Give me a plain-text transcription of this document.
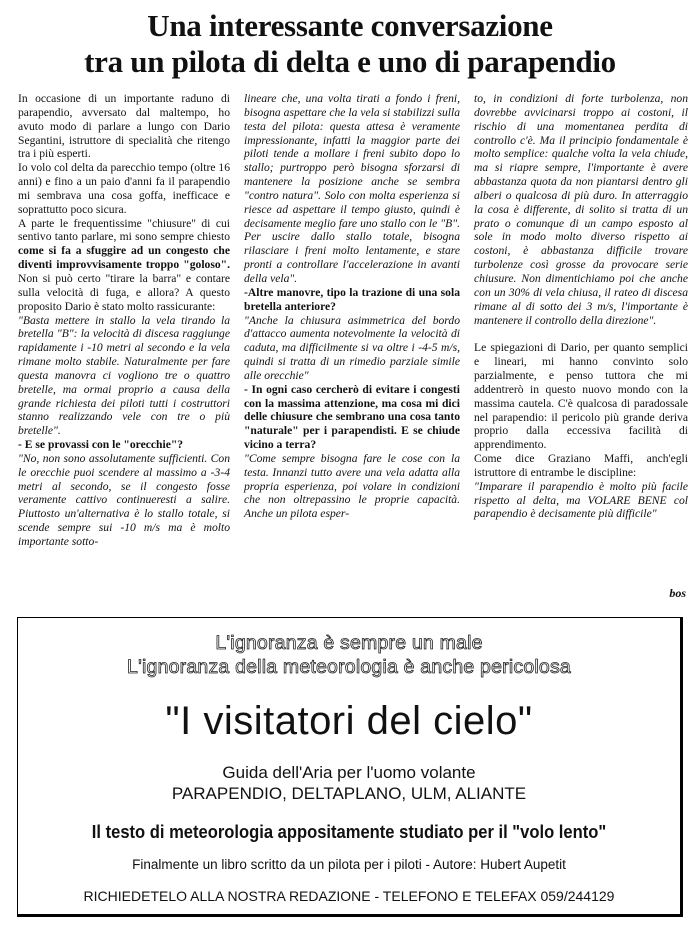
Una interessante conversazione
tra un pilota di delta e uno di parapendio

In occasione di un importante raduno di parapendio, avversato dal maltempo, ho avuto modo di parlare a lungo con Dario Segantini, istruttore di specialità che ritengo tra i più esperti.

Io volo col delta da parecchio tempo (oltre 16 anni) e fino a un paio d'anni fa il parapendio mi sembrava una cosa goffa, inefficace e soprattutto poco sicura.

A parte le frequentissime "chiusure" di cui sentivo tanto parlare, mi sono sempre chiesto come si fa a sfuggire ad un congesto che diventi improvvisamente troppo "goloso". Non si può certo "tirare la barra" e contare sulla velocità di fuga, e allora? A questo proposito Dario è stato molto rassicurante:

"Basta mettere in stallo la vela tirando la bretella "B": la velocità di discesa raggiunge rapidamente i -10 metri al secondo e la vela rimane molto stabile. Naturalmente per fare questa manovra ci vogliono tre o quattro bretelle, ma ormai proprio a causa della grande richiesta dei piloti tutti i costruttori stanno realizzando vele con tre o più bretelle".

- E se provassi con le "orecchie"?

"No, non sono assolutamente sufficienti. Con le orecchie puoi scendere al massimo a -3-4 metri al secondo, se il congesto fosse veramente cattivo continueresti a salire. Piuttosto un'alternativa è lo stallo totale, si scende sempre sui -10 m/s ma è molto importante sotto-

lineare che, una volta tirati a fondo i freni, bisogna aspettare che la vela si stabilizzi sulla testa del pilota: questa attesa è veramente impressionante, infatti la maggior parte dei piloti tende a mollare i freni subito dopo lo stallo; purtroppo però bisogna sforzarsi di mantenere la posizione anche se sembra "contro natura". Solo con molta esperienza si riesce ad aspettare il tempo giusto, quindi è decisamente meglio fare uno stallo con le "B". Per uscire dallo stallo totale, bisogna rilasciare i freni molto lentamente, e stare pronti a controllare l'accelerazione in avanti della vela".

-Altre manovre, tipo la trazione di una sola bretella anteriore?

"Anche la chiusura asimmetrica del bordo d'attacco aumenta notevolmente la velocità di caduta, ma difficilmente si va oltre i -4-5 m/s, quindi si tratta di un rimedio parziale simile alle orecchie"

- In ogni caso cercherò di evitare i congesti con la massima attenzione, ma cosa mi dici delle chiusure che sembrano una cosa tanto "naturale" per i parapendisti. E se chiude vicino a terra?

"Come sempre bisogna fare le cose con la testa. Innanzi tutto avere una vela adatta alla propria esperienza, poi volare in condizioni che non oltrepassino le proprie capacità. Anche un pilota esper-

to, in condizioni di forte turbolenza, non dovrebbe avvicinarsi troppo ai costoni, il rischio di una momentanea perdita di controllo c'è. Ma il principio fondamentale è molto semplice: qualche volta la vela chiude, ma si riapre sempre, l'importante è avere abbastanza quota da non piantarsi dentro gli alberi o qualcosa di più duro. In atterraggio la cosa è differente, di solito si tratta di un prato o comunque di un campo esposto al sole in modo molto diverso rispetto ai costoni, è abbastanza difficile trovare turbolenze così grosse da provocare serie chiusure. Non dimentichiamo poi che anche con un 30% di vela chiusa, il rateo di discesa rimane al di sotto dei 3 m/s, l'importante è mantenere il controllo della direzione".

Le spiegazioni di Dario, per quanto semplici e lineari, mi hanno convinto solo parzialmente, e penso tuttora che mi addentrerò in questo nuovo mondo con la massima cautela. C'è qualcosa di paradossale nel parapendio: il pericolo più grande deriva proprio dalla eccessiva facilità di apprendimento.

Come dice Graziano Maffi, anch'egli istruttore di entrambe le discipline:

"Imparare il parapendio è molto più facile rispetto al delta, ma VOLARE BENE col parapendio è decisamente più difficile"

bos
L'ignoranza è sempre un male
L'ignoranza della meteorologia è anche pericolosa
"I visitatori del cielo"
Guida dell'Aria per l'uomo volante
PARAPENDIO, DELTAPLANO, ULM, ALIANTE
Il testo di meteorologia appositamente studiato per il "volo lento"
Finalmente un libro scritto da un pilota per i piloti - Autore: Hubert Aupetit
RICHIEDETELO ALLA NOSTRA REDAZIONE - TELEFONO E TELEFAX 059/244129
